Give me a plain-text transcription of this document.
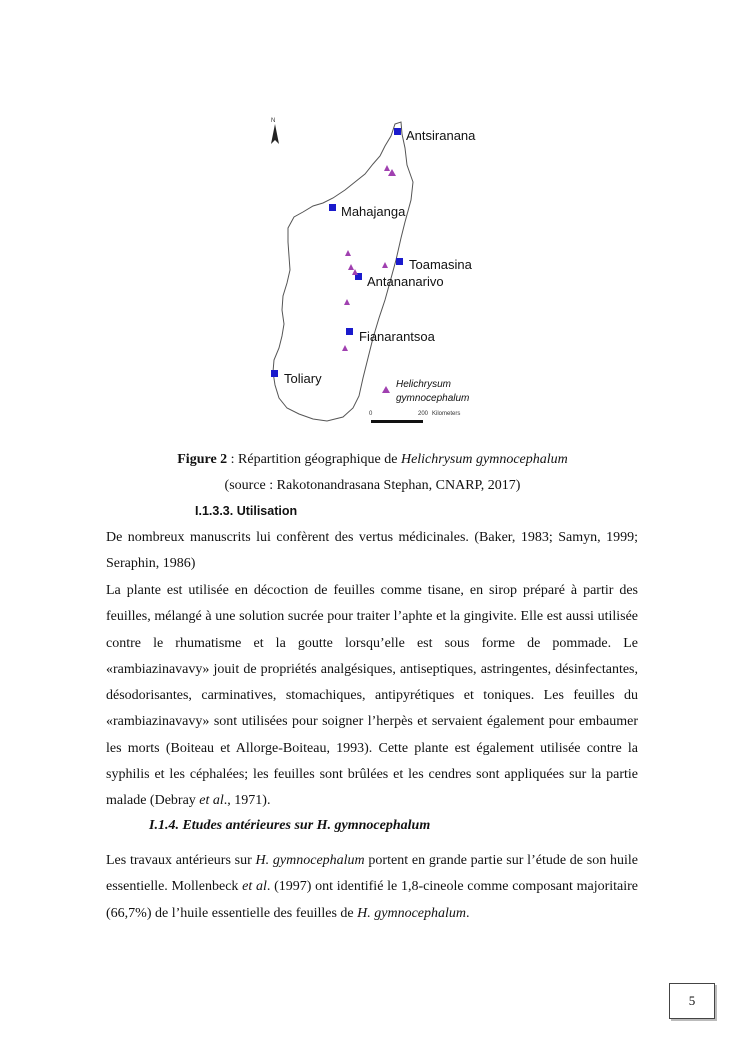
N
Antsiranana
Mahajanga
Toamasina
Antananarivo
Fianarantsoa
Toliary	Helichrysum
gymnocephalum
0	200 Kilometers
Figure 2 : Répartition géographique de Helichrysum gymnocephalum
(source : Rakotonandrasana Stephan, CNARP, 2017)
I.1.3.3. Utilisation

De nombreux manuscrits lui confèrent des vertus médicinales. (Baker, 1983; Samyn, 1999; Seraphin, 1986)

La plante est utilisée en décoction de feuilles comme tisane, en sirop préparé à partir des feuilles, mélangé à une solution sucrée pour traiter l’aphte et la gingivite. Elle est aussi utilisée contre le rhumatisme et la goutte lorsqu’elle est sous forme de pommade. Le «rambiazinavavy» jouit de propriétés analgésiques, antiseptiques, astringentes, désinfectantes, désodorisantes, carminatives, stomachiques, antipyrétiques et toniques. Les feuilles du «rambiazinavavy» sont utilisées pour soigner l’herpès et servaient également pour embaumer les morts (Boiteau et Allorge-Boiteau, 1993). Cette plante est également utilisée contre la syphilis et les céphalées; les feuilles sont brûlées et les cendres sont appliquées sur la partie malade (Debray et al., 1971).

I.1.4. Etudes antérieures sur H. gymnocephalum

Les travaux antérieurs sur H. gymnocephalum portent en grande partie sur l’étude de son huile essentielle. Mollenbeck et al. (1997) ont identifié le 1,8-cineole comme composant majoritaire (66,7%) de l’huile essentielle des feuilles de H. gymnocephalum.

5
